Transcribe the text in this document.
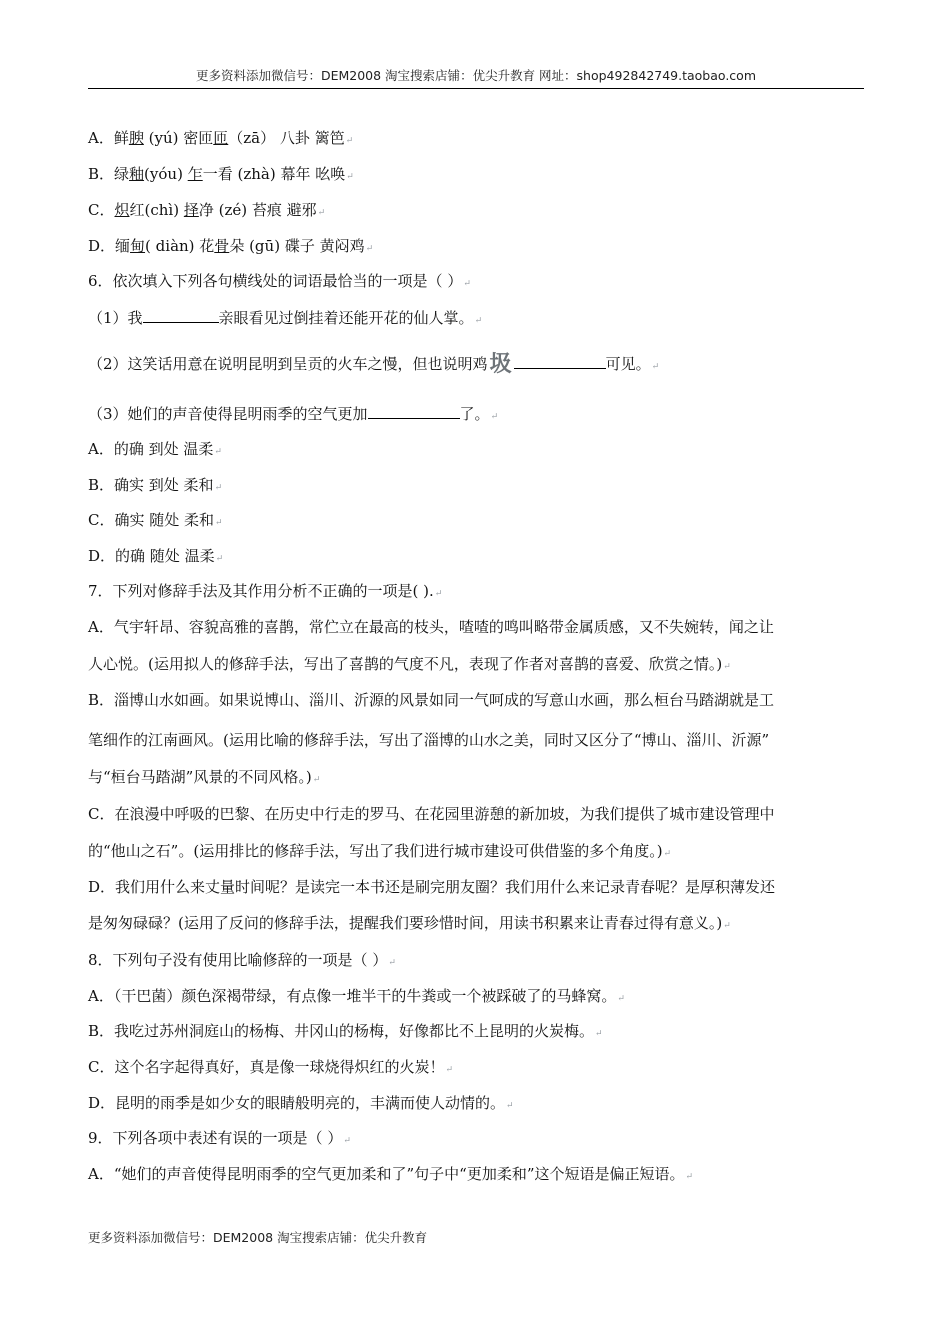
更多资料添加微信号：DEM2008 淘宝搜索店铺：优尖升教育 网址：shop492842749.taobao.com
A．鲜腴 (yú) 密匝匝（zā） 八卦 篱笆↵
B．绿釉(yóu) 乍一看 (zhà) 幕年 吆唤↵
C．炽红(chì) 择净 (zé) 苔痕 避邪↵
D．缅甸( diàn) 花骨朵 (gū) 碟子 黄闷鸡↵
6．依次填入下列各句横线处的词语最恰当的一项是（ ）↵
（1）我	亲眼看见过倒挂着还能开花的仙人掌。↵
（2）这笑话用意在说明昆明到呈贡的火车之慢，但也说明鸡圾	可见。↵
（3）她们的声音使得昆明雨季的空气更加	了。↵
A．的确 到处 温柔↵
B．确实 到处 柔和↵
C．确实 随处 柔和↵
D．的确 随处 温柔↵
7．下列对修辞手法及其作用分析不正确的一项是( ).↵
A．气宇轩昂、容貌高雅的喜鹊，常伫立在最高的枝头，喳喳的鸣叫略带金属质感，又不失婉转，闻之让
人心悦。(运用拟人的修辞手法，写出了喜鹊的气度不凡，表现了作者对喜鹊的喜爱、欣赏之情。)↵
B．淄博山水如画。如果说博山、淄川、沂源的风景如同一气呵成的写意山水画，那么桓台马踏湖就是工
笔细作的江南画风。(运用比喻的修辞手法，写出了淄博的山水之美，同时又区分了“博山、淄川、沂源”
与“桓台马踏湖”风景的不同风格。)↵
C．在浪漫中呼吸的巴黎、在历史中行走的罗马、在花园里游憩的新加坡，为我们提供了城市建设管理中
的“他山之石”。(运用排比的修辞手法，写出了我们进行城市建设可供借鉴的多个角度。)↵
D．我们用什么来丈量时间呢？是读完一本书还是刷完朋友圈？我们用什么来记录青春呢？是厚积薄发还
是匆匆碌碌？(运用了反问的修辞手法，提醒我们要珍惜时间，用读书积累来让青春过得有意义。)↵
8．下列句子没有使用比喻修辞的一项是（ ）↵
A．（干巴菌）颜色深褐带绿，有点像一堆半干的牛粪或一个被踩破了的马蜂窝。↵
B．我吃过苏州洞庭山的杨梅、井冈山的杨梅，好像都比不上昆明的火炭梅。↵
C．这个名字起得真好，真是像一球烧得炽红的火炭！↵
D．昆明的雨季是如少女的眼睛般明亮的，丰满而使人动情的。↵
9．下列各项中表述有误的一项是（ ）↵
A．“她们的声音使得昆明雨季的空气更加柔和了”句子中“更加柔和”这个短语是偏正短语。↵
更多资料添加微信号：DEM2008 淘宝搜索店铺：优尖升教育
